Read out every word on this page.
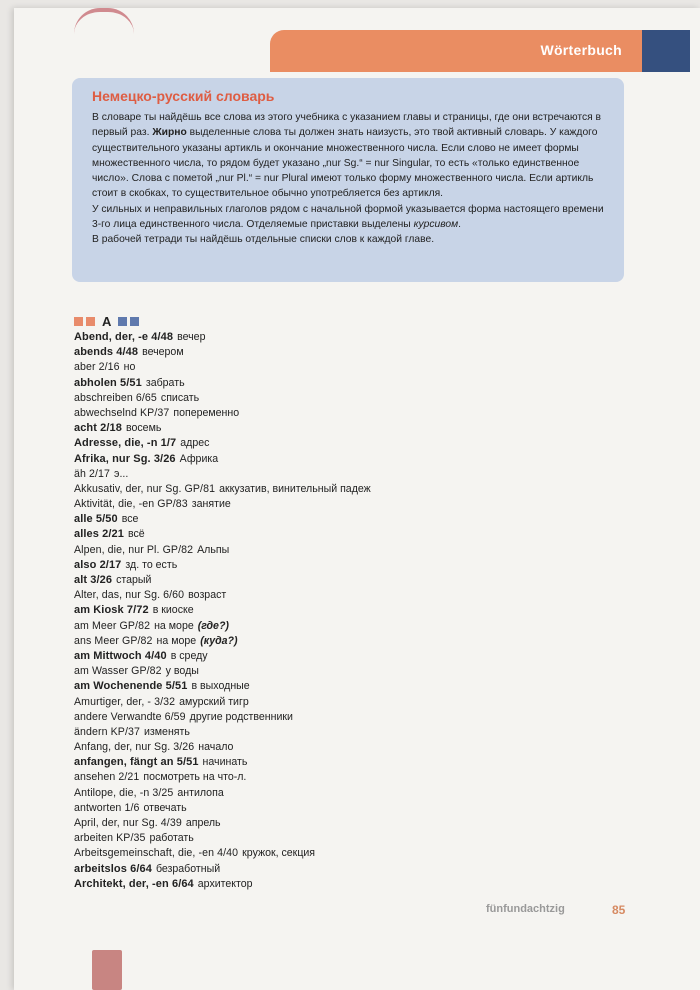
Wörterbuch
Немецко-русский словарь

В словаре ты найдёшь все слова из этого учебника с указанием главы и страницы, где они встречаются в первый раз. Жирно выделенные слова ты должен знать наизусть, это твой активный словарь. У каждого существительного указаны артикль и окончание множественного числа. Если слово не имеет формы множественного числа, то рядом будет указано „nur Sg.“ = nur Singular, то есть «только единственное число». Слова с пометой „nur Pl.“ = nur Plural имеют только форму множественного числа. Если артикль стоит в скобках, то существительное обычно употребляется без артикля.
У сильных и неправильных глаголов рядом с начальной формой указывается форма настоящего времени 3-го лица единственного числа. Отделяемые приставки выделены курсивом.
В рабочей тетради ты найдёшь отдельные списки слов к каждой главе.

A
Abend, der, -e 4/48 вечер
abends 4/48 вечером
aber 2/16 но
abholen 5/51 забрать
abschreiben 6/65 списать
abwechselnd KP/37 попеременно
acht 2/18 восемь
Adresse, die, -n 1/7 адрес
Afrika, nur Sg. 3/26 Африка
äh 2/17 э...
Akkusativ, der, nur Sg. GP/81 аккузатив, винительный падеж
Aktivität, die, -en GP/83 занятие
alle 5/50 все
alles 2/21 всё
Alpen, die, nur Pl. GP/82 Альпы
also 2/17 зд. то есть
alt 3/26 старый
Alter, das, nur Sg. 6/60 возраст
am Kiosk 7/72 в киоске
am Meer GP/82 на море (где?)
ans Meer GP/82 на море (куда?)
am Mittwoch 4/40 в среду
am Wasser GP/82 у воды
am Wochenende 5/51 в выходные
Amurtiger, der, - 3/32 амурский тигр
andere Verwandte 6/59 другие родственники
ändern KP/37 изменять
Anfang, der, nur Sg. 3/26 начало
anfangen, fängt an 5/51 начинать
ansehen 2/21 посмотреть на что-л.
Antilope, die, -n 3/25 антилопа
antworten 1/6 отвечать
April, der, nur Sg. 4/39 апрель
arbeiten KP/35 работать
Arbeitsgemeinschaft, die, -en 4/40 кружок, секция
arbeitslos 6/64 безработный
Architekt, der, -en 6/64 архитектор
fünfundachtzig	85
